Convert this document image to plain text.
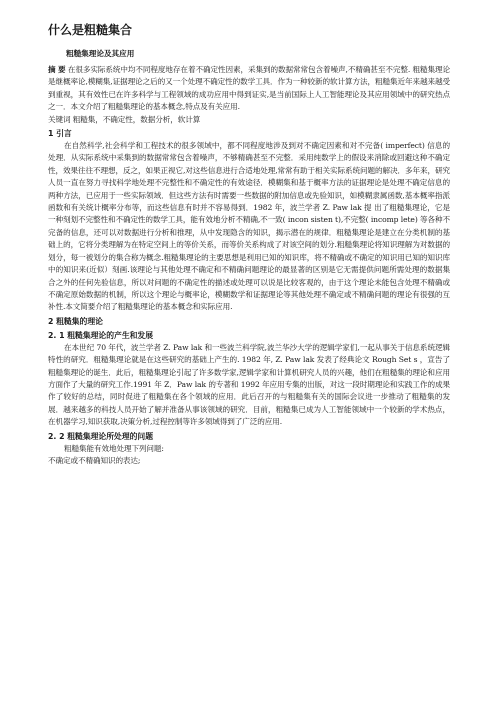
什么是粗糙集合
粗糙集理论及其应用

摘 要 在很多实际系统中均不同程度地存在着不确定性因素，采集到的数据常常包含着噪声,不精确甚至不完整. 粗糙集理论是继概率论,模糊集,证据理论之后的又一个处理不确定性的数学工具．作为一种较新的软计算方法，粗糙集近年来越来越受到重视，其有效性已在许多科学与工程领域的成功应用中得到证实,是当前国际上人工智能理论及其应用领域中的研究热点之一．本文介绍了粗糙集理论的基本概念,特点及有关应用.

关键词 粗糙集，不确定性，数据分析，软计算

1 引言

在自然科学,社会科学和工程技术的很多领域中，都不同程度地涉及到对不确定因素和对不完备( imperfect) 信息的处理．从实际系统中采集到的数据常常包含着噪声，不够精确甚至不完整．采用纯数学上的假设来消除或回避这种不确定性，效果往往不理想，反之，如果正视它,对这些信息进行合适地处理,常常有助于相关实际系统问题的解决．多年来，研究人员一直在努力寻找科学地处理不完整性和不确定性的有效途径．模糊集和基于概率方法的证据理论是处理不确定信息的两种方法，已应用于一些实际领域．但这些方法有时需要一些数据的附加信息或先验知识，如模糊隶属函数,基本概率指派函数和有关统计概率分布等，而这些信息有时并不容易得到．1982 年，波兰学者 Z. Paw lak 提 出了粗糙集理论，它是一种刻划不完整性和不确定性的数学工具，能有效地分析不精确,不一致( incon sisten t),不完整( incomp lete) 等各种不完备的信息，还可以对数据进行分析和推理，从中发现隐含的知识，揭示潜在的规律．粗糙集理论是建立在分类机制的基础上的，它将分类理解为在特定空间上的等价关系，而等价关系构成了对该空间的划分.粗糙集理论将知识理解为对数据的划分，每一被划分的集合称为概念.粗糙集理论的主要思想是利用已知的知识库，将不精确或不确定的知识用已知的知识库中的知识来(近似）刻画.该理论与其他处理不确定和不精确问题理论的最显著的区别是它无需提供问题所需处理的数据集合之外的任何先验信息，所以对问题的不确定性的描述或处理可以说是比较客观的，由于这个理论未能包含处理不精确或不确定原始数据的机制，所以这个理论与概率论，模糊数学和证据理论等其他处理不确定或不精确问题的理论有很强的互补性.本文简要介绍了粗糙集理论的基本概念和实际应用.

2 粗糙集的理论
2. 1 粗糙集理论的产生和发展

在本世纪 70 年代，波兰学者 Z. Paw lak 和一些波兰科学院,波兰华沙大学的逻辑学家们,一起从事关于信息系统逻辑特性的研究．粗糙集理论就是在这些研究的基础上产生的. 1982 年, Z. Paw lak 发表了经典论文 Rough Set s ，宣告了粗糙集理论的诞生．此后，粗糙集理论引起了许多数学家,逻辑学家和计算机研究人员的兴趣，他们在粗糙集的理论和应用方面作了大量的研究工作.1991 年 Z．Paw lak 的专著和 1992 年应用专集的出版，对这一段时期理论和实践工作的成果作了较好的总结，同时促进了粗糙集在各个领域的应用．此后召开的与粗糙集有关的国际会议进一步推动了粗糙集的发展．越来越多的科技人员开始了解并准备从事该领域的研究．目前，粗糙集已成为人工智能领域中一个较新的学术热点，在机器学习,知识获取,决策分析,过程控制等许多领域得到了广泛的应用.

2. 2 粗糙集理论所处理的问题

粗糙集能有效地处理下列问题:

不确定或不精确知识的表达;
